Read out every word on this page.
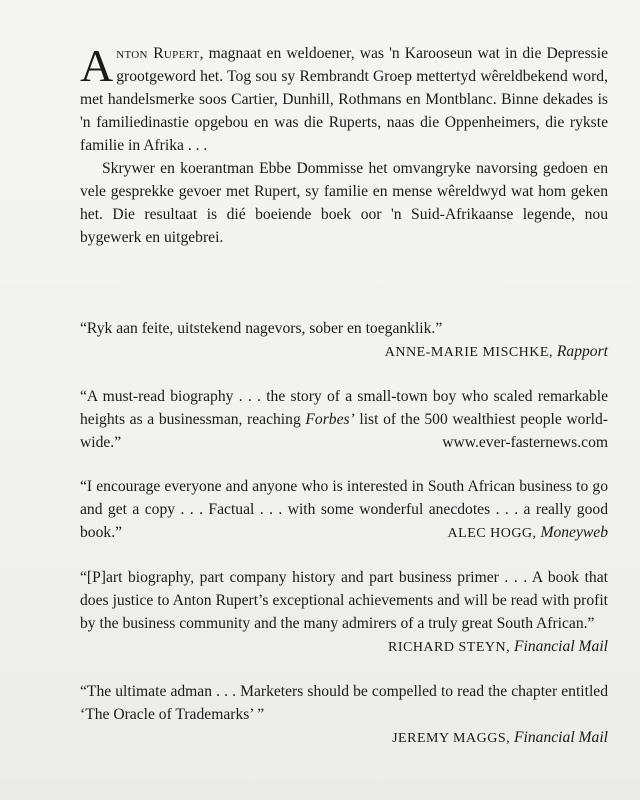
Anton Rupert, magnaat en weldoener, was 'n Karooseun wat in die Depressie grootgeword het. Tog sou sy Rembrandt Groep mettertyd wêreldbekend word, met handelsmerke soos Cartier, Dunhill, Rothmans en Montblanc. Binne dekades is 'n familiedinastie opgebou en was die Ruperts, naas die Oppenheimers, die rykste familie in Afrika . . .

Skrywer en koerantman Ebbe Dommisse het omvangryke navorsing gedoen en vele gesprekke gevoer met Rupert, sy familie en mense wêreldwyd wat hom geken het. Die resultaat is dié boeiende boek oor 'n Suid-Afrikaanse legende, nou bygewerk en uitgebrei.

“Ryk aan feite, uitstekend nagevors, sober en toeganklik.”
ANNE-MARIE MISCHKE, Rapport
“A must-read biography . . . the story of a small-town boy who scaled remarkable heights as a businessman, reaching Forbes’ list of the 500 wealthiest people world-wide.”	www.ever-fasternews.com
“I encourage everyone and anyone who is interested in South African business to go and get a copy . . . Factual . . . with some wonderful anecdotes . . . a really good book.”	ALEC HOGG, Moneyweb
“[P]art biography, part company history and part business primer . . . A book that does justice to Anton Rupert’s exceptional achievements and will be read with profit by the business community and the many admirers of a truly great South African.”
RICHARD STEYN, Financial Mail
“The ultimate adman . . . Marketers should be compelled to read the chapter entitled ‘The Oracle of Trademarks’ ”
JEREMY MAGGS, Financial Mail
